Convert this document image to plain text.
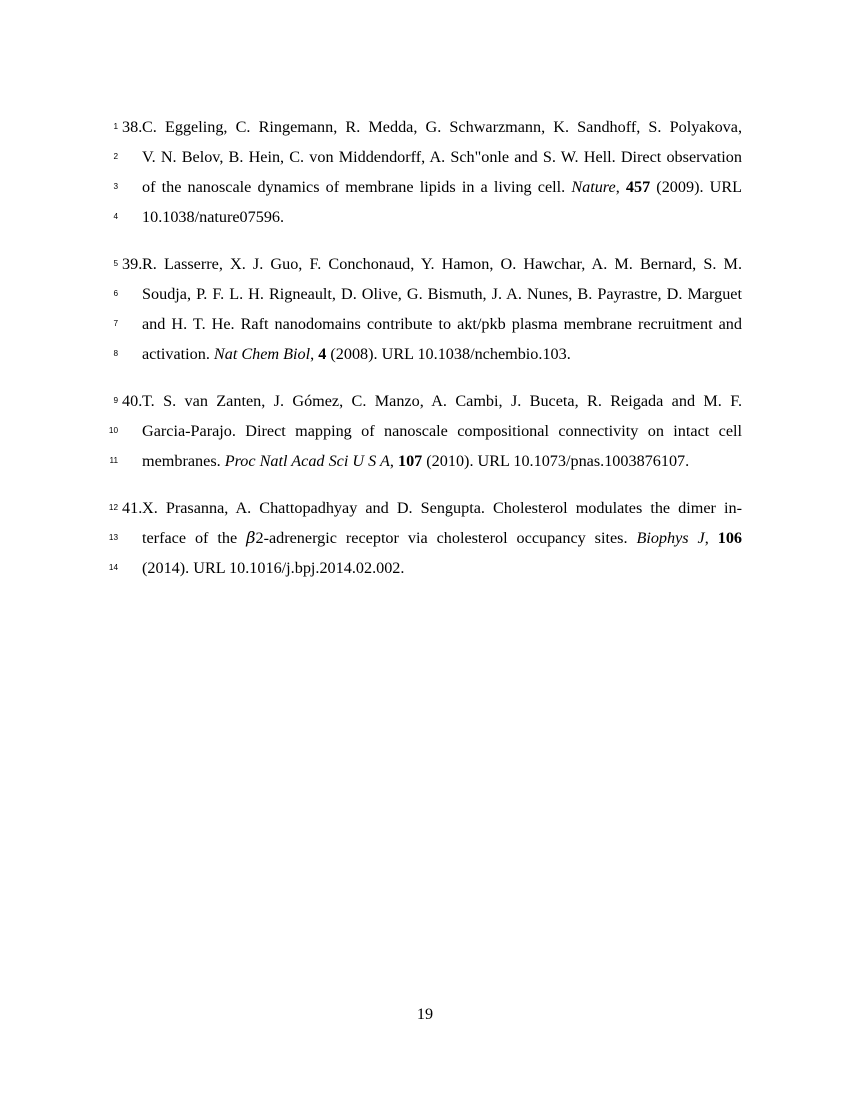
1 38. C. Eggeling, C. Ringemann, R. Medda, G. Schwarzmann, K. Sandhoff, S. Polyakova,
2 V. N. Belov, B. Hein, C. von Middendorff, A. Sch"onle and S. W. Hell. Direct observation
3 of the nanoscale dynamics of membrane lipids in a living cell. Nature, 457 (2009). URL
4 10.1038/nature07596.
5 39. R. Lasserre, X. J. Guo, F. Conchonaud, Y. Hamon, O. Hawchar, A. M. Bernard, S. M.
6 Soudja, P. F. L. H. Rigneault, D. Olive, G. Bismuth, J. A. Nunes, B. Payrastre, D. Marguet
7 and H. T. He. Raft nanodomains contribute to akt/pkb plasma membrane recruitment and
8 activation. Nat Chem Biol, 4 (2008). URL 10.1038/nchembio.103.
9 40. T. S. van Zanten, J. Gómez, C. Manzo, A. Cambi, J. Buceta, R. Reigada and M. F.
10 Garcia-Parajo. Direct mapping of nanoscale compositional connectivity on intact cell
11 membranes. Proc Natl Acad Sci U S A, 107 (2010). URL 10.1073/pnas.1003876107.
12 41. X. Prasanna, A. Chattopadhyay and D. Sengupta. Cholesterol modulates the dimer in-
13 terface of the β2-adrenergic receptor via cholesterol occupancy sites. Biophys J, 106
14 (2014). URL 10.1016/j.bpj.2014.02.002.
19
